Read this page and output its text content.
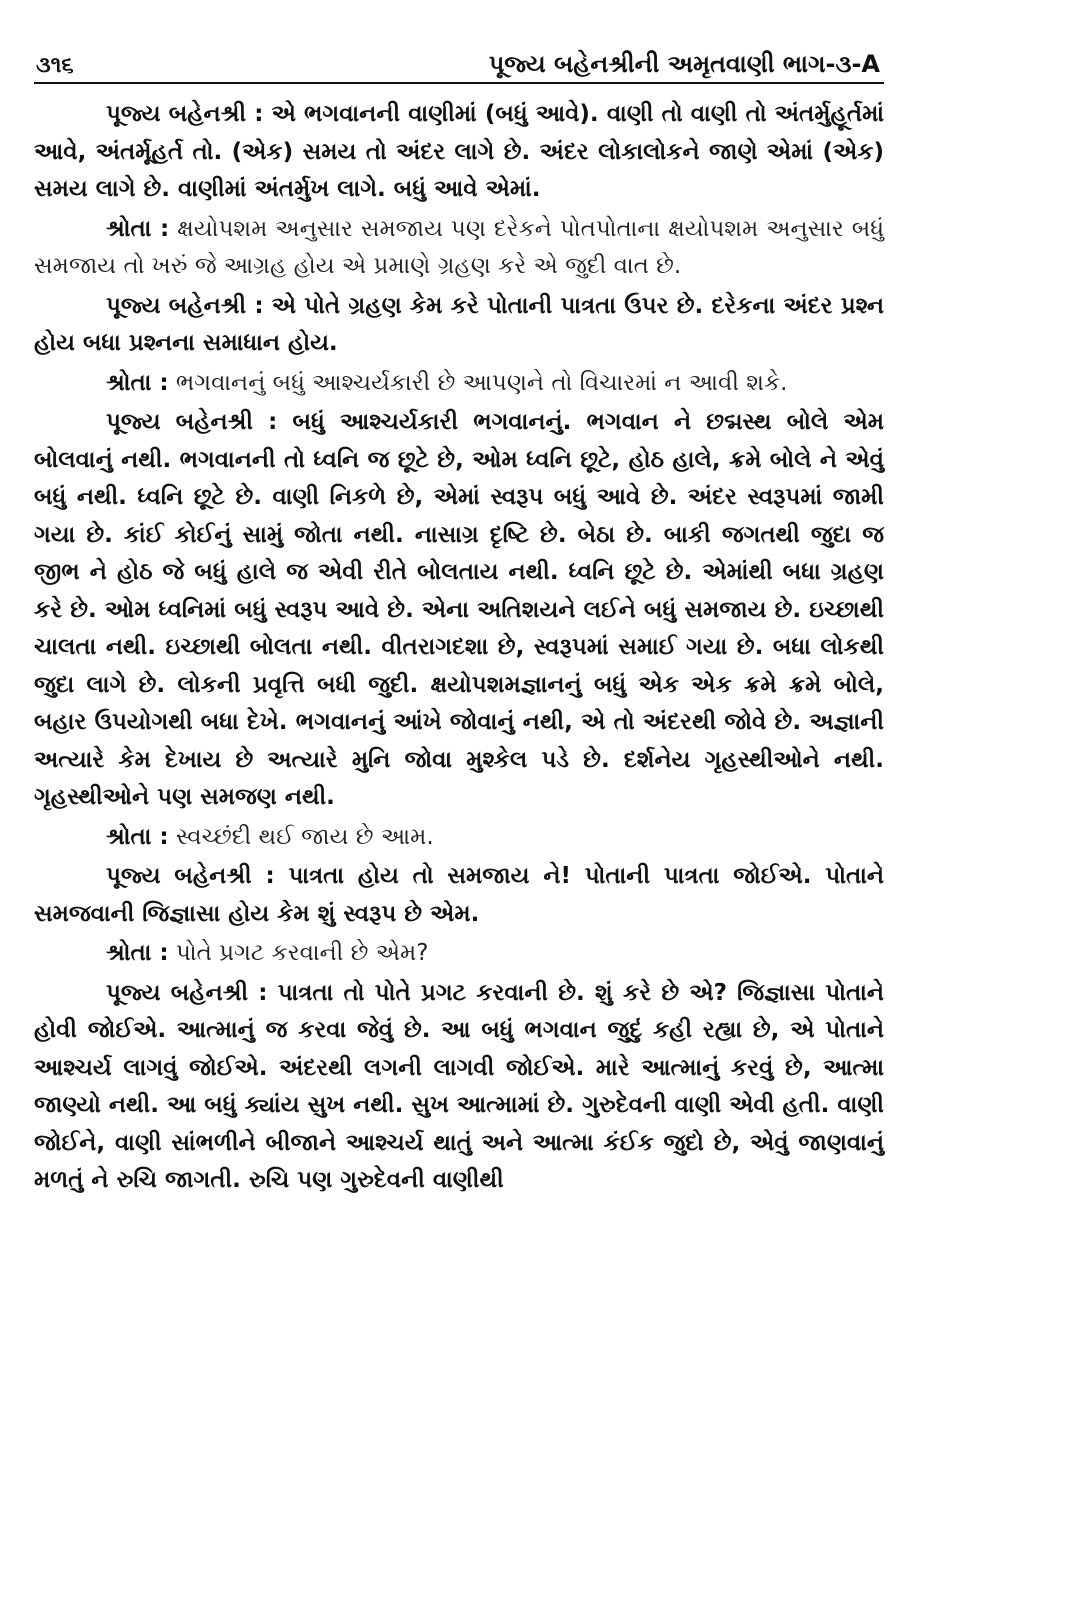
૩૧૬	પૂજ્ય બહેનશ્રીની અમૃતવાણી ભાગ-૩-A

પૂજ્ય બહેનશ્રી : એ ભગવાનની વાણીમાં (બધું આવે). વાણી તો વાણી તો અંતર્મુહૂર્તમાં આવે, અંતર્મૂહર્ત તો. (એક) સમય તો અંદર લાગે છે. અંદર લોકાલોકને જાણે એમાં (એક) સમય લાગે છે. વાણીમાં અંતર્મુખ લાગે. બધું આવે એમાં.

શ્રોતા : ક્ષયોપશમ અનુસાર સમજાય પણ દરેકને પોતપોતાના ક્ષયોપશમ અનુસાર બધું સમજાય તો ખરું જે આગ્રહ હોય એ પ્રમાણે ગ્રહણ કરે એ જુદી વાત છે.

પૂજ્ય બહેનશ્રી : એ પોતે ગ્રહણ કેમ કરે પોતાની પાત્રતા ઉપર છે. દરેકના અંદર પ્રશ્ન હોય બધા પ્રશ્નના સમાધાન હોય.

શ્રોતા : ભગવાનનું બધું આશ્ચર્યકારી છે આપણને તો વિચારમાં ન આવી શકે.

પૂજ્ય બહેનશ્રી : બધું આશ્ચર્યકારી ભગવાનનું. ભગવાન ને છદ્મસ્થ બોલે એમ બોલવાનું નથી. ભગવાનની તો ધ્વનિ જ છૂટે છે, ઓમ ધ્વનિ છૂટે, હોઠ હાલે, ક્રમે બોલે ને એવું બધું નથી. ધ્વનિ છૂટે છે. વાણી નિકળે છે, એમાં સ્વરૂપ બધું આવે છે. અંદર સ્વરૂપમાં જામી ગયા છે. કાંઈ કોઈનું સામું જોતા નથી. નાસાગ્ર દૃષ્ટિ છે. બેઠા છે. બાકી જગતથી જુદા જ જીભ ને હોઠ જે બધું હાલે જ એવી રીતે બોલતાય નથી. ધ્વનિ છૂટે છે. એમાંથી બધા ગ્રહણ કરે છે. ઓમ ધ્વનિમાં બધું સ્વરૂપ આવે છે. એના અતિશયને લઈને બધું સમજાય છે. ઇચ્છાથી ચાલતા નથી. ઇચ્છાથી બોલતા નથી. વીતરાગદશા છે, સ્વરૂપમાં સમાઈ ગયા છે. બધા લોકથી જુદા લાગે છે. લોકની પ્રવૃત્તિ બધી જુદી. ક્ષયોપશમજ્ઞાનનું બધું એક એક ક્રમે ક્રમે બોલે, બહાર ઉપયોગથી બધા દેખે. ભગવાનનું આંખે જોવાનું નથી, એ તો અંદરથી જોવે છે. અજ્ઞાની અત્યારે કેમ દેખાય છે અત્યારે મુનિ જોવા મુશ્કેલ પડે છે. દર્શનેય ગૃહસ્થીઓને નથી. ગૃહસ્થીઓને પણ સમજણ નથી.

શ્રોતા : સ્વચ્છંદી થઈ જાય છે આમ.

પૂજ્ય બહેનશ્રી : પાત્રતા હોય તો સમજાય ને! પોતાની પાત્રતા જોઈએ. પોતાને સમજવાની જિજ્ઞાસા હોય કેમ શું સ્વરૂપ છે એમ.

શ્રોતા : પોતે પ્રગટ કરવાની છે એમ?

પૂજ્ય બહેનશ્રી : પાત્રતા તો પોતે પ્રગટ કરવાની છે. શું કરે છે એ? જિજ્ઞાસા પોતાને હોવી જોઈએ. આત્માનું જ કરવા જેવું છે. આ બધું ભગવાન જુદું કહી રહ્યા છે, એ પોતાને આશ્ચર્ય લાગવું જોઈએ. અંદરથી લગની લાગવી જોઈએ. મારે આત્માનું કરવું છે, આત્મા જાણ્યો નથી. આ બધું ક્યાંય સુખ નથી. સુખ આત્મામાં છે. ગુરુદેવની વાણી એવી હતી. વાણી જોઈને, વાણી સાંભળીને બીજાને આશ્ચર્ય થાતું અને આત્મા કંઈક જુદો છે, એવું જાણવાનું મળતું ને રુચિ જાગતી. રુચિ પણ ગુરુદેવની વાણીથી
